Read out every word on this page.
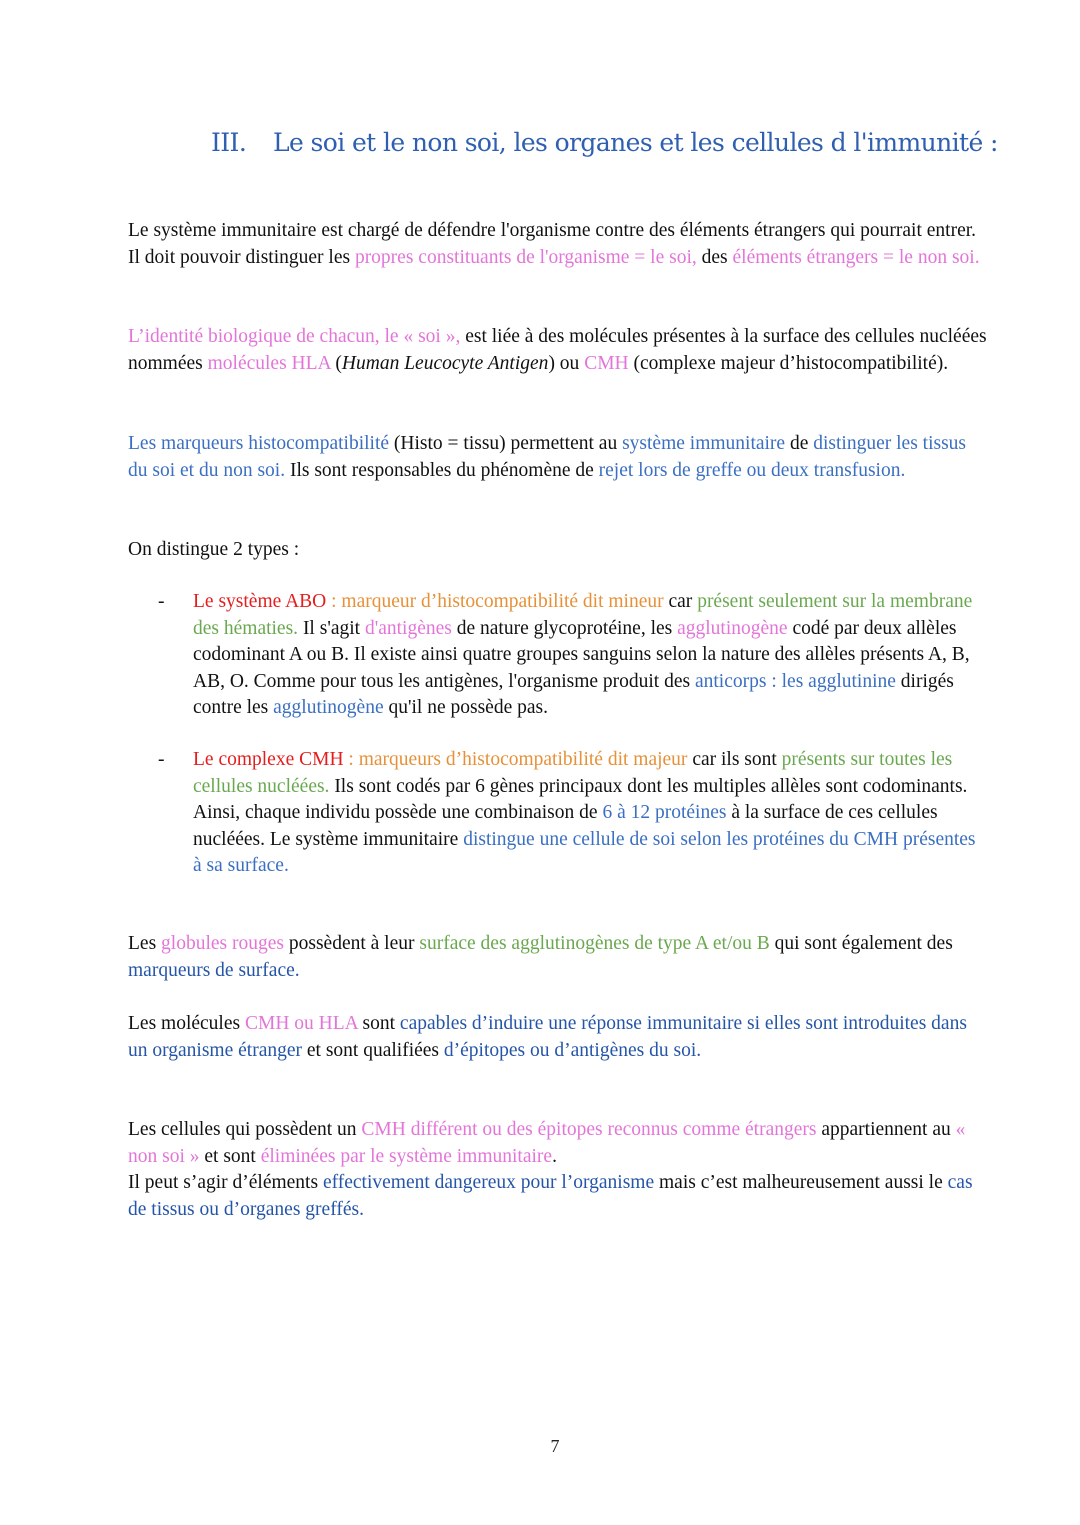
III. Le soi et le non soi, les organes et les cellules d l'immunité :

Le système immunitaire est chargé de défendre l'organisme contre des éléments étrangers qui pourrait entrer. Il doit pouvoir distinguer les propres constituants de l'organisme = le soi, des éléments étrangers = le non soi.

L’identité biologique de chacun, le « soi », est liée à des molécules présentes à la surface des cellules nucléées nommées molécules HLA (Human Leucocyte Antigen) ou CMH (complexe majeur d’histocompatibilité).

Les marqueurs histocompatibilité (Histo = tissu) permettent au système immunitaire de distinguer les tissus du soi et du non soi. Ils sont responsables du phénomène de rejet lors de greffe ou deux transfusion.

On distingue 2 types :

- Le système ABO : marqueur d’histocompatibilité dit mineur car présent seulement sur la membrane des hématies. Il s'agit d'antigènes de nature glycoprotéine, les agglutinogène codé par deux allèles codominant A ou B. Il existe ainsi quatre groupes sanguins selon la nature des allèles présents A, B, AB, O. Comme pour tous les antigènes, l'organisme produit des anticorps : les agglutinine dirigés contre les agglutinogène qu'il ne possède pas.
- Le complexe CMH : marqueurs d’histocompatibilité dit majeur car ils sont présents sur toutes les cellules nucléées. Ils sont codés par 6 gènes principaux dont les multiples allèles sont codominants. Ainsi, chaque individu possède une combinaison de 6 à 12 protéines à la surface de ces cellules nucléées. Le système immunitaire distingue une cellule de soi selon les protéines du CMH présentes à sa surface.

Les globules rouges possèdent à leur surface des agglutinogènes de type A et/ou B qui sont également des marqueurs de surface.

Les molécules CMH ou HLA sont capables d’induire une réponse immunitaire si elles sont introduites dans un organisme étranger et sont qualifiées d’épitopes ou d’antigènes du soi.

Les cellules qui possèdent un CMH différent ou des épitopes reconnus comme étrangers appartiennent au « non soi » et sont éliminées par le système immunitaire.
Il peut s’agir d’éléments effectivement dangereux pour l’organisme mais c’est malheureusement aussi le cas de tissus ou d’organes greffés.

7
